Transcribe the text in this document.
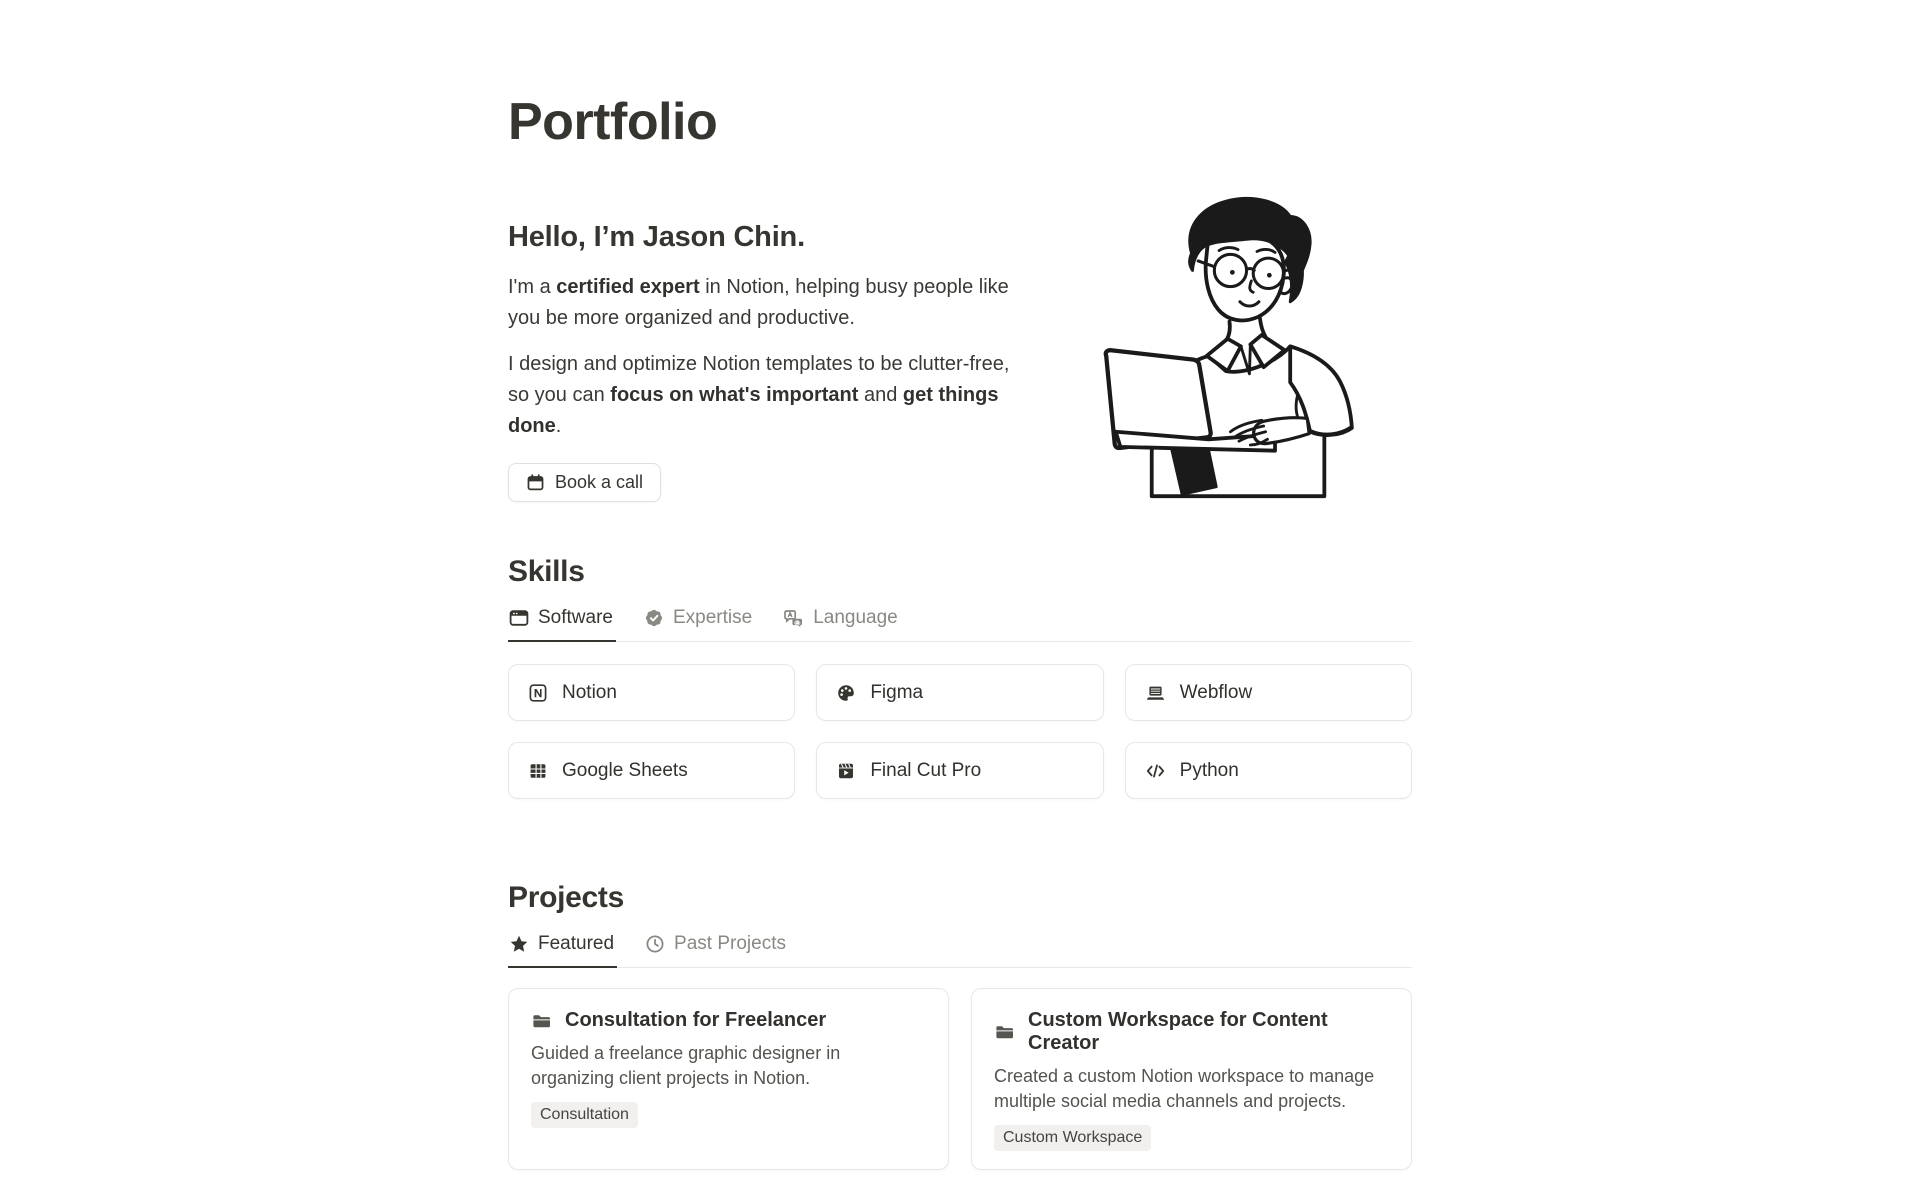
Portfolio
Hello, I’m Jason Chin.

I'm a certified expert in Notion, helping busy people like you be more organized and productive.

I design and optimize Notion templates to be clutter-free, so you can focus on what's important and get things done.

Book a call
Skills
Software	Expertise	Language
Notion	Figma	Webflow
Google Sheets	Final Cut Pro	Python
Projects
Featured	Past Projects
Consultation for Freelancer
Guided a freelance graphic designer in organizing client projects in Notion.
Consultation
Custom Workspace for Content Creator
Created a custom Notion workspace to manage multiple social media channels and projects.
Custom Workspace
